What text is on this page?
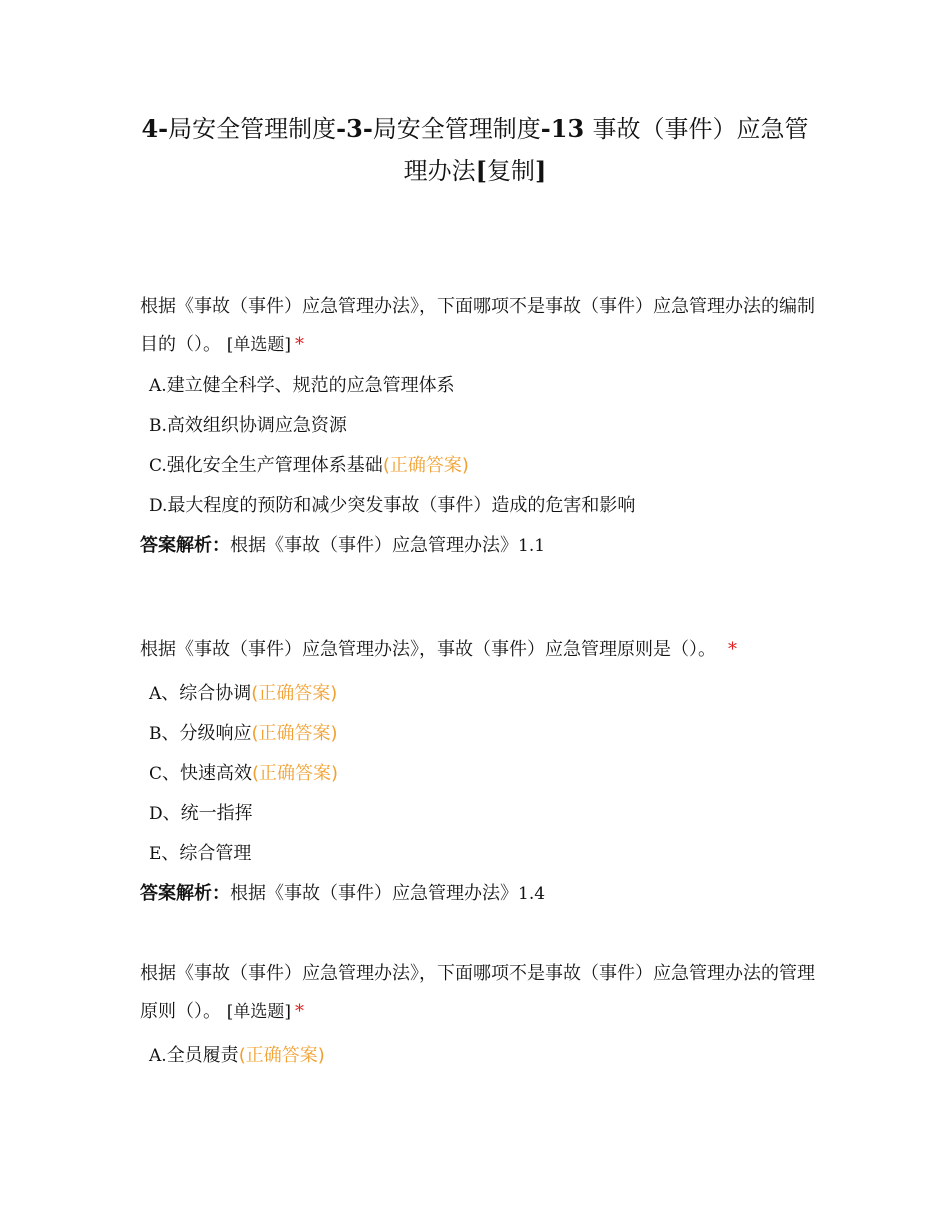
4-局安全管理制度-3-局安全管理制度-13 事故（事件）应急管理办法[复制]

根据《事故（事件）应急管理办法》，下面哪项不是事故（事件）应急管理办法的编制目的（）。 [单选题] *

A.建立健全科学、规范的应急管理体系
B.高效组织协调应急资源
C.强化安全生产管理体系基础(正确答案)
D.最大程度的预防和减少突发事故（事件）造成的危害和影响
答案解析：根据《事故（事件）应急管理办法》1.1

根据《事故（事件）应急管理办法》，事故（事件）应急管理原则是（）。 *

A、综合协调(正确答案)
B、分级响应(正确答案)
C、快速高效(正确答案)
D、统一指挥
E、综合管理
答案解析：根据《事故（事件）应急管理办法》1.4

根据《事故（事件）应急管理办法》，下面哪项不是事故（事件）应急管理办法的管理原则（）。 [单选题] *

A.全员履责(正确答案)
